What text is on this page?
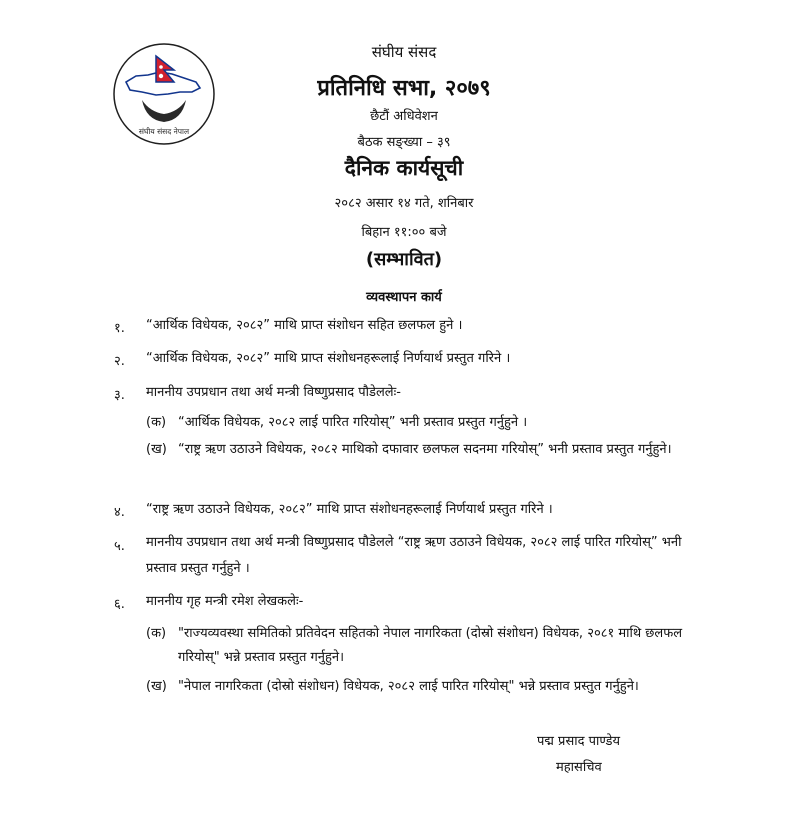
संघीय संसद नेपाल
संघीय संसद
प्रतिनिधि सभा, २०७९
छैटौं अधिवेशन
बैठक सङ्ख्या – ३९
दैनिक कार्यसूची
२०८२ असार १४ गते, शनिबार
बिहान ११:०० बजे
(सम्भावित)
व्यवस्थापन कार्य
१. “आर्थिक विधेयक, २०८२” माथि प्राप्त संशोधन सहित छलफल हुने ।
२. “आर्थिक विधेयक, २०८२” माथि प्राप्त संशोधनहरूलाई निर्णयार्थ प्रस्तुत गरिने ।
३. माननीय उपप्रधान तथा अर्थ मन्त्री विष्णुप्रसाद पौडेललेः-
(क) “आर्थिक विधेयक, २०८२ लाई पारित गरियोस्” भनी प्रस्ताव प्रस्तुत गर्नुहुने ।
(ख) “राष्ट्र ऋण उठाउने विधेयक, २०८२ माथिको दफावार छलफल सदनमा गरियोस्” भनी प्रस्ताव प्रस्तुत गर्नुहुने।
४. “राष्ट्र ऋण उठाउने विधेयक, २०८२” माथि प्राप्त संशोधनहरूलाई निर्णयार्थ प्रस्तुत गरिने ।
५. माननीय उपप्रधान तथा अर्थ मन्त्री विष्णुप्रसाद पौडेलले “राष्ट्र ऋण उठाउने विधेयक, २०८२ लाई पारित गरियोस्” भनी प्रस्ताव प्रस्तुत गर्नुहुने ।
६. माननीय गृह मन्त्री रमेश लेखकलेः-
(क) "राज्यव्यवस्था समितिको प्रतिवेदन सहितको नेपाल नागरिकता (दोस्रो संशोधन) विधेयक, २०८१ माथि छलफल गरियोस्" भन्ने प्रस्ताव प्रस्तुत गर्नुहुने।
(ख) "नेपाल नागरिकता (दोस्रो संशोधन) विधेयक, २०८२ लाई पारित गरियोस्" भन्ने प्रस्ताव प्रस्तुत गर्नुहुने।
पद्म प्रसाद पाण्डेय
महासचिव
